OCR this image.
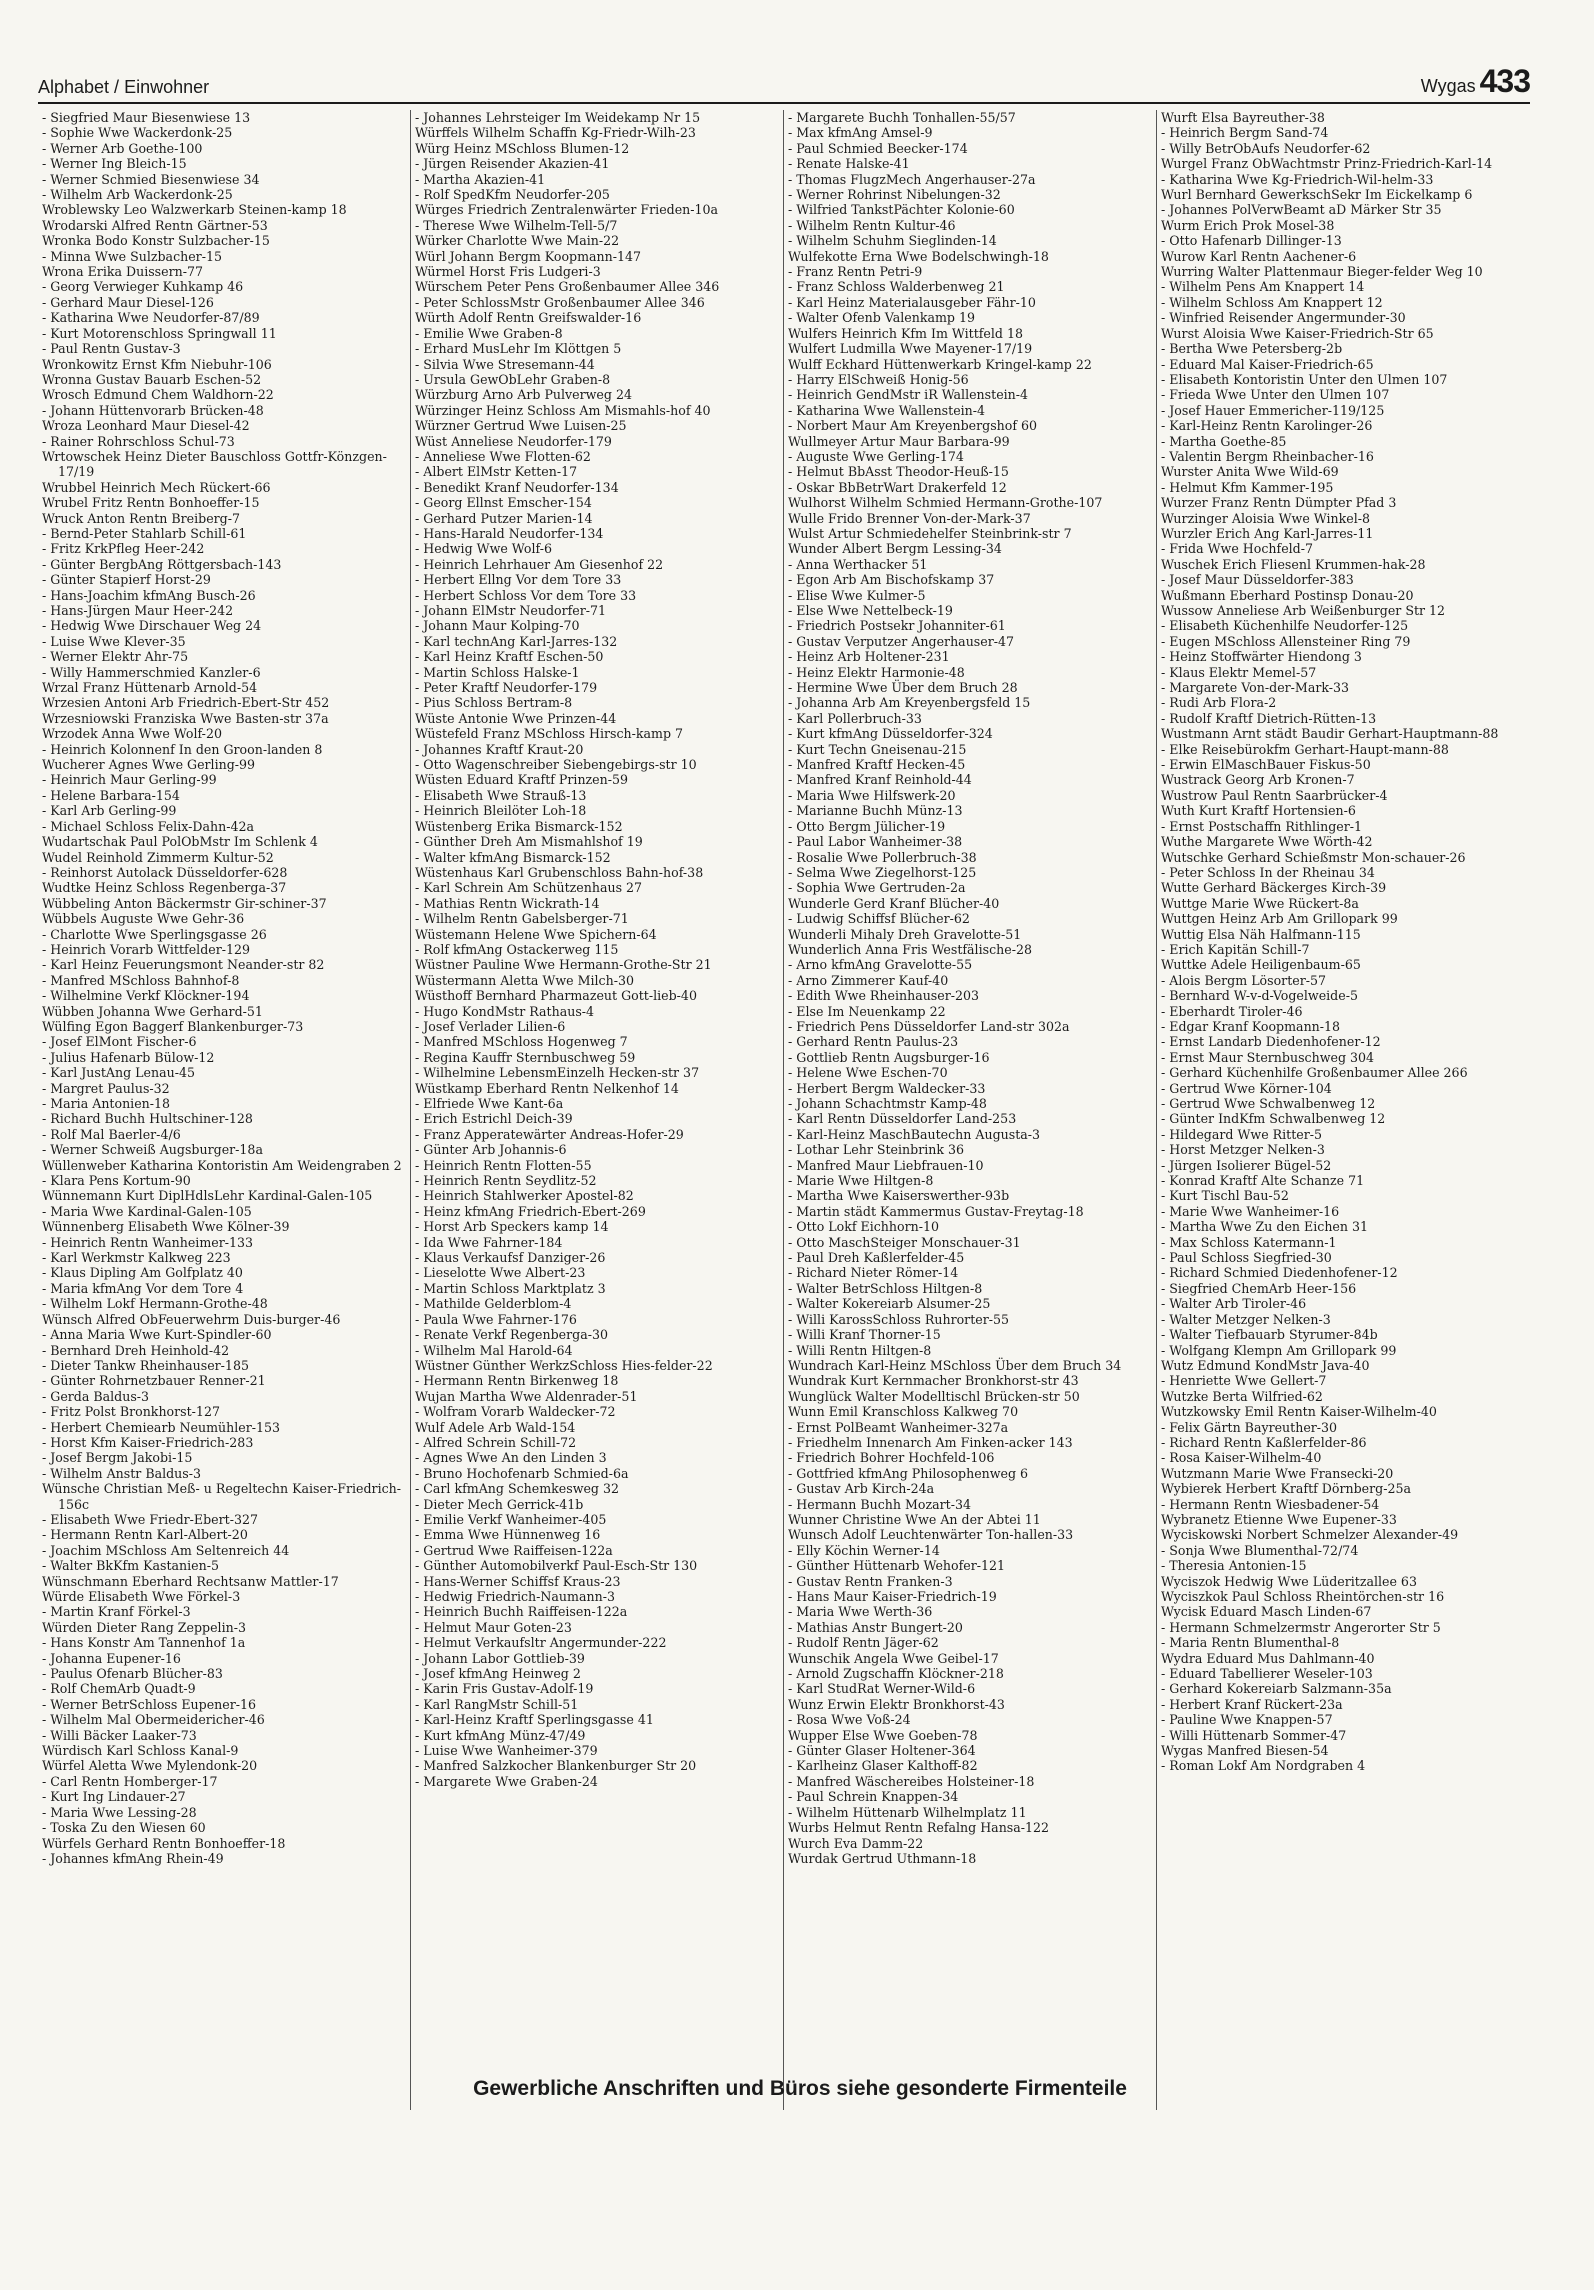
Alphabet / Einwohner	Wygas 433

- Siegfried Maur Biesenwiese 13

- Sophie Wwe Wackerdonk-25

- Werner Arb Goethe-100

- Werner Ing Bleich-15

- Werner Schmied Biesenwiese 34

- Wilhelm Arb Wackerdonk-25

Wroblewsky Leo Walzwerkarb Steinen-kamp 18

Wrodarski Alfred Rentn Gärtner-53

Wronka Bodo Konstr Sulzbacher-15

- Minna Wwe Sulzbacher-15

Wrona Erika Duissern-77

- Georg Verwieger Kuhkamp 46

- Gerhard Maur Diesel-126

- Katharina Wwe Neudorfer-87/89

- Kurt Motorenschloss Springwall 11

- Paul Rentn Gustav-3

Wronkowitz Ernst Kfm Niebuhr-106

Wronna Gustav Bauarb Eschen-52

Wrosch Edmund Chem Waldhorn-22

- Johann Hüttenvorarb Brücken-48

Wroza Leonhard Maur Diesel-42

- Rainer Rohrschloss Schul-73

Wrtowschek Heinz Dieter Bauschloss Gottfr-Könzgen-17/19

Wrubbel Heinrich Mech Rückert-66

Wrubel Fritz Rentn Bonhoeffer-15

Wruck Anton Rentn Breiberg-7

- Bernd-Peter Stahlarb Schill-61

- Fritz KrkPfleg Heer-242

- Günter BergbAng Röttgersbach-143

- Günter Stapierf Horst-29

- Hans-Joachim kfmAng Busch-26

- Hans-Jürgen Maur Heer-242

- Hedwig Wwe Dirschauer Weg 24

- Luise Wwe Klever-35

- Werner Elektr Ahr-75

- Willy Hammerschmied Kanzler-6

Wrzal Franz Hüttenarb Arnold-54

Wrzesien Antoni Arb Friedrich-Ebert-Str 452

Wrzesniowski Franziska Wwe Basten-str 37a

Wrzodek Anna Wwe Wolf-20

- Heinrich Kolonnenf In den Groon-landen 8

Wucherer Agnes Wwe Gerling-99

- Heinrich Maur Gerling-99

- Helene Barbara-154

- Karl Arb Gerling-99

- Michael Schloss Felix-Dahn-42a

Wudartschak Paul PolObMstr Im Schlenk 4

Wudel Reinhold Zimmerm Kultur-52

- Reinhorst Autolack Düsseldorfer-628

Wudtke Heinz Schloss Regenberga-37

Wübbeling Anton Bäckermstr Gir-schiner-37

Wübbels Auguste Wwe Gehr-36

- Charlotte Wwe Sperlingsgasse 26

- Heinrich Vorarb Wittfelder-129

- Karl Heinz Feuerungsmont Neander-str 82

- Manfred MSchloss Bahnhof-8

- Wilhelmine Verkf Klöckner-194

Wübben Johanna Wwe Gerhard-51

Wülfing Egon Baggerf Blankenburger-73

- Josef ElMont Fischer-6

- Julius Hafenarb Bülow-12

- Karl JustAng Lenau-45

- Margret Paulus-32

- Maria Antonien-18

- Richard Buchh Hultschiner-128

- Rolf Mal Baerler-4/6

- Werner Schweiß Augsburger-18a

Wüllenweber Katharina Kontoristin Am Weidengraben 2

- Klara Pens Kortum-90

Wünnemann Kurt DiplHdlsLehr Kardinal-Galen-105

- Maria Wwe Kardinal-Galen-105

Wünnenberg Elisabeth Wwe Kölner-39

- Heinrich Rentn Wanheimer-133

- Karl Werkmstr Kalkweg 223

- Klaus Dipling Am Golfplatz 40

- Maria kfmAng Vor dem Tore 4

- Wilhelm Lokf Hermann-Grothe-48

Wünsch Alfred ObFeuerwehrm Duis-burger-46

- Anna Maria Wwe Kurt-Spindler-60

- Bernhard Dreh Heinhold-42

- Dieter Tankw Rheinhauser-185

- Günter Rohrnetzbauer Renner-21

- Gerda Baldus-3

- Fritz Polst Bronkhorst-127

- Herbert Chemiearb Neumühler-153

- Horst Kfm Kaiser-Friedrich-283

- Josef Bergm Jakobi-15

- Wilhelm Anstr Baldus-3

Wünsche Christian Meß- u Regeltechn Kaiser-Friedrich-156c

- Elisabeth Wwe Friedr-Ebert-327

- Hermann Rentn Karl-Albert-20

- Joachim MSchloss Am Seltenreich 44

- Walter BkKfm Kastanien-5

Wünschmann Eberhard Rechtsanw Mattler-17

Würde Elisabeth Wwe Förkel-3

- Martin Kranf Förkel-3

Würden Dieter Rang Zeppelin-3

- Hans Konstr Am Tannenhof 1a

- Johanna Eupener-16

- Paulus Ofenarb Blücher-83

- Rolf ChemArb Quadt-9

- Werner BetrSchloss Eupener-16

- Wilhelm Mal Obermeidericher-46

- Willi Bäcker Laaker-73

Würdisch Karl Schloss Kanal-9

Würfel Aletta Wwe Mylendonk-20

- Carl Rentn Homberger-17

- Kurt Ing Lindauer-27

- Maria Wwe Lessing-28

- Toska Zu den Wiesen 60

Würfels Gerhard Rentn Bonhoeffer-18

- Johannes kfmAng Rhein-49

- Johannes Lehrsteiger Im Weidekamp Nr 15

Würffels Wilhelm Schaffn Kg-Friedr-Wilh-23

Würg Heinz MSchloss Blumen-12

- Jürgen Reisender Akazien-41

- Martha Akazien-41

- Rolf SpedKfm Neudorfer-205

Würges Friedrich Zentralenwärter Frieden-10a

- Therese Wwe Wilhelm-Tell-5/7

Würker Charlotte Wwe Main-22

Würl Johann Bergm Koopmann-147

Würmel Horst Fris Ludgeri-3

Würschem Peter Pens Großenbaumer Allee 346

- Peter SchlossMstr Großenbaumer Allee 346

Würth Adolf Rentn Greifswalder-16

- Emilie Wwe Graben-8

- Erhard MusLehr Im Klöttgen 5

- Silvia Wwe Stresemann-44

- Ursula GewObLehr Graben-8

Würzburg Arno Arb Pulverweg 24

Würzinger Heinz Schloss Am Mismahls-hof 40

Würzner Gertrud Wwe Luisen-25

Wüst Anneliese Neudorfer-179

- Anneliese Wwe Flotten-62

- Albert ElMstr Ketten-17

- Benedikt Kranf Neudorfer-134

- Georg Ellnst Emscher-154

- Gerhard Putzer Marien-14

- Hans-Harald Neudorfer-134

- Hedwig Wwe Wolf-6

- Heinrich Lehrhauer Am Giesenhof 22

- Herbert Ellng Vor dem Tore 33

- Herbert Schloss Vor dem Tore 33

- Johann ElMstr Neudorfer-71

- Johann Maur Kolping-70

- Karl technAng Karl-Jarres-132

- Karl Heinz Kraftf Eschen-50

- Martin Schloss Halske-1

- Peter Kraftf Neudorfer-179

- Pius Schloss Bertram-8

Wüste Antonie Wwe Prinzen-44

Wüstefeld Franz MSchloss Hirsch-kamp 7

- Johannes Kraftf Kraut-20

- Otto Wagenschreiber Siebengebirgs-str 10

Wüsten Eduard Kraftf Prinzen-59

- Elisabeth Wwe Strauß-13

- Heinrich Bleilöter Loh-18

Wüstenberg Erika Bismarck-152

- Günther Dreh Am Mismahlshof 19

- Walter kfmAng Bismarck-152

Wüstenhaus Karl Grubenschloss Bahn-hof-38

- Karl Schrein Am Schützenhaus 27

- Mathias Rentn Wickrath-14

- Wilhelm Rentn Gabelsberger-71

Wüstemann Helene Wwe Spichern-64

- Rolf kfmAng Ostackerweg 115

Wüstner Pauline Wwe Hermann-Grothe-Str 21

Wüstermann Aletta Wwe Milch-30

Wüsthoff Bernhard Pharmazeut Gott-lieb-40

- Hugo KondMstr Rathaus-4

- Josef Verlader Lilien-6

- Manfred MSchloss Hogenweg 7

- Regina Kauffr Sternbuschweg 59

- Wilhelmine LebensmEinzelh Hecken-str 37

Wüstkamp Eberhard Rentn Nelkenhof 14

- Elfriede Wwe Kant-6a

- Erich Estrichl Deich-39

- Franz Apperatewärter Andreas-Hofer-29

- Günter Arb Johannis-6

- Heinrich Rentn Flotten-55

- Heinrich Rentn Seydlitz-52

- Heinrich Stahlwerker Apostel-82

- Heinz kfmAng Friedrich-Ebert-269

- Horst Arb Speckers kamp 14

- Ida Wwe Fahrner-184

- Klaus Verkaufsf Danziger-26

- Lieselotte Wwe Albert-23

- Martin Schloss Marktplatz 3

- Mathilde Gelderblom-4

- Paula Wwe Fahrner-176

- Renate Verkf Regenberga-30

- Wilhelm Mal Harold-64

Wüstner Günther WerkzSchloss Hies-felder-22

- Hermann Rentn Birkenweg 18

Wujan Martha Wwe Aldenrader-51

- Wolfram Vorarb Waldecker-72

Wulf Adele Arb Wald-154

- Alfred Schrein Schill-72

- Agnes Wwe An den Linden 3

- Bruno Hochofenarb Schmied-6a

- Carl kfmAng Schemkesweg 32

- Dieter Mech Gerrick-41b

- Emilie Verkf Wanheimer-405

- Emma Wwe Hünnenweg 16

- Gertrud Wwe Raiffeisen-122a

- Günther Automobilverkf Paul-Esch-Str 130

- Hans-Werner Schiffsf Kraus-23

- Hedwig Friedrich-Naumann-3

- Heinrich Buchh Raiffeisen-122a

- Helmut Maur Goten-23

- Helmut Verkaufsltr Angermunder-222

- Johann Labor Gottlieb-39

- Josef kfmAng Heinweg 2

- Karin Fris Gustav-Adolf-19

- Karl RangMstr Schill-51

- Karl-Heinz Kraftf Sperlingsgasse 41

- Kurt kfmAng Münz-47/49

- Luise Wwe Wanheimer-379

- Manfred Salzkocher Blankenburger Str 20

- Margarete Wwe Graben-24

- Margarete Buchh Tonhallen-55/57

- Max kfmAng Amsel-9

- Paul Schmied Beecker-174

- Renate Halske-41

- Thomas FlugzMech Angerhauser-27a

- Werner Rohrinst Nibelungen-32

- Wilfried TankstPächter Kolonie-60

- Wilhelm Rentn Kultur-46

- Wilhelm Schuhm Sieglinden-14

Wulfekotte Erna Wwe Bodelschwingh-18

- Franz Rentn Petri-9

- Franz Schloss Walderbenweg 21

- Karl Heinz Materialausgeber Fähr-10

- Walter Ofenb Valenkamp 19

Wulfers Heinrich Kfm Im Wittfeld 18

Wulfert Ludmilla Wwe Mayener-17/19

Wulff Eckhard Hüttenwerkarb Kringel-kamp 22

- Harry ElSchweiß Honig-56

- Heinrich GendMstr iR Wallenstein-4

- Katharina Wwe Wallenstein-4

- Norbert Maur Am Kreyenbergshof 60

Wullmeyer Artur Maur Barbara-99

- Auguste Wwe Gerling-174

- Helmut BbAsst Theodor-Heuß-15

- Oskar BbBetrWart Drakerfeld 12

Wulhorst Wilhelm Schmied Hermann-Grothe-107

Wulle Frido Brenner Von-der-Mark-37

Wulst Artur Schmiedehelfer Steinbrink-str 7

Wunder Albert Bergm Lessing-34

- Anna Werthacker 51

- Egon Arb Am Bischofskamp 37

- Elise Wwe Kulmer-5

- Else Wwe Nettelbeck-19

- Friedrich Postsekr Johanniter-61

- Gustav Verputzer Angerhauser-47

- Heinz Arb Holtener-231

- Heinz Elektr Harmonie-48

- Hermine Wwe Über dem Bruch 28

- Johanna Arb Am Kreyenbergsfeld 15

- Karl Pollerbruch-33

- Kurt kfmAng Düsseldorfer-324

- Kurt Techn Gneisenau-215

- Manfred Kraftf Hecken-45

- Manfred Kranf Reinhold-44

- Maria Wwe Hilfswerk-20

- Marianne Buchh Münz-13

- Otto Bergm Jülicher-19

- Paul Labor Wanheimer-38

- Rosalie Wwe Pollerbruch-38

- Selma Wwe Ziegelhorst-125

- Sophia Wwe Gertruden-2a

Wunderle Gerd Kranf Blücher-40

- Ludwig Schiffsf Blücher-62

Wunderli Mihaly Dreh Gravelotte-51

Wunderlich Anna Fris Westfälische-28

- Arno kfmAng Gravelotte-55

- Arno Zimmerer Kauf-40

- Edith Wwe Rheinhauser-203

- Else Im Neuenkamp 22

- Friedrich Pens Düsseldorfer Land-str 302a

- Gerhard Rentn Paulus-23

- Gottlieb Rentn Augsburger-16

- Helene Wwe Eschen-70

- Herbert Bergm Waldecker-33

- Johann Schachtmstr Kamp-48

- Karl Rentn Düsseldorfer Land-253

- Karl-Heinz MaschBautechn Augusta-3

- Lothar Lehr Steinbrink 36

- Manfred Maur Liebfrauen-10

- Marie Wwe Hiltgen-8

- Martha Wwe Kaiserswerther-93b

- Martin städt Kammermus Gustav-Freytag-18

- Otto Lokf Eichhorn-10

- Otto MaschSteiger Monschauer-31

- Paul Dreh Kaßlerfelder-45

- Richard Nieter Römer-14

- Walter BetrSchloss Hiltgen-8

- Walter Kokereiarb Alsumer-25

- Willi KarossSchloss Ruhrorter-55

- Willi Kranf Thorner-15

- Willi Rentn Hiltgen-8

Wundrach Karl-Heinz MSchloss Über dem Bruch 34

Wundrak Kurt Kernmacher Bronkhorst-str 43

Wunglück Walter Modelltischl Brücken-str 50

Wunn Emil Kranschloss Kalkweg 70

- Ernst PolBeamt Wanheimer-327a

- Friedhelm Innenarch Am Finken-acker 143

- Friedrich Bohrer Hochfeld-106

- Gottfried kfmAng Philosophenweg 6

- Gustav Arb Kirch-24a

- Hermann Buchh Mozart-34

Wunner Christine Wwe An der Abtei 11

Wunsch Adolf Leuchtenwärter Ton-hallen-33

- Elly Köchin Werner-14

- Günther Hüttenarb Wehofer-121

- Gustav Rentn Franken-3

- Hans Maur Kaiser-Friedrich-19

- Maria Wwe Werth-36

- Mathias Anstr Bungert-20

- Rudolf Rentn Jäger-62

Wunschik Angela Wwe Geibel-17

- Arnold Zugschaffn Klöckner-218

- Karl StudRat Werner-Wild-6

Wunz Erwin Elektr Bronkhorst-43

- Rosa Wwe Voß-24

Wupper Else Wwe Goeben-78

- Günter Glaser Holtener-364

- Karlheinz Glaser Kalthoff-82

- Manfred Wäschereibes Holsteiner-18

- Paul Schrein Knappen-34

- Wilhelm Hüttenarb Wilhelmplatz 11

Wurbs Helmut Rentn Refalng Hansa-122

Wurch Eva Damm-22

Wurdak Gertrud Uthmann-18

Wurft Elsa Bayreuther-38

- Heinrich Bergm Sand-74

- Willy BetrObAufs Neudorfer-62

Wurgel Franz ObWachtmstr Prinz-Friedrich-Karl-14

- Katharina Wwe Kg-Friedrich-Wil-helm-33

Wurl Bernhard GewerkschSekr Im Eickelkamp 6

- Johannes PolVerwBeamt aD Märker Str 35

Wurm Erich Prok Mosel-38

- Otto Hafenarb Dillinger-13

Wurow Karl Rentn Aachener-6

Wurring Walter Plattenmaur Bieger-felder Weg 10

- Wilhelm Pens Am Knappert 14

- Wilhelm Schloss Am Knappert 12

- Winfried Reisender Angermunder-30

Wurst Aloisia Wwe Kaiser-Friedrich-Str 65

- Bertha Wwe Petersberg-2b

- Eduard Mal Kaiser-Friedrich-65

- Elisabeth Kontoristin Unter den Ulmen 107

- Frieda Wwe Unter den Ulmen 107

- Josef Hauer Emmericher-119/125

- Karl-Heinz Rentn Karolinger-26

- Martha Goethe-85

- Valentin Bergm Rheinbacher-16

Wurster Anita Wwe Wild-69

- Helmut Kfm Kammer-195

Wurzer Franz Rentn Dümpter Pfad 3

Wurzinger Aloisia Wwe Winkel-8

Wurzler Erich Ang Karl-Jarres-11

- Frida Wwe Hochfeld-7

Wuschek Erich Fliesenl Krummen-hak-28

- Josef Maur Düsseldorfer-383

Wußmann Eberhard Postinsp Donau-20

Wussow Anneliese Arb Weißenburger Str 12

- Elisabeth Küchenhilfe Neudorfer-125

- Eugen MSchloss Allensteiner Ring 79

- Heinz Stoffwärter Hiendong 3

- Klaus Elektr Memel-57

- Margarete Von-der-Mark-33

- Rudi Arb Flora-2

- Rudolf Kraftf Dietrich-Rütten-13

Wustmann Arnt städt Baudir Gerhart-Hauptmann-88

- Elke Reisebürokfm Gerhart-Haupt-mann-88

- Erwin ElMaschBauer Fiskus-50

Wustrack Georg Arb Kronen-7

Wustrow Paul Rentn Saarbrücker-4

Wuth Kurt Kraftf Hortensien-6

- Ernst Postschaffn Rithlinger-1

Wuthe Margarete Wwe Wörth-42

Wutschke Gerhard Schießmstr Mon-schauer-26

- Peter Schloss In der Rheinau 34

Wutte Gerhard Bäckerges Kirch-39

Wuttge Marie Wwe Rückert-8a

Wuttgen Heinz Arb Am Grillopark 99

Wuttig Elsa Näh Halfmann-115

- Erich Kapitän Schill-7

Wuttke Adele Heiligenbaum-65

- Alois Bergm Lösorter-57

- Bernhard W-v-d-Vogelweide-5

- Eberhardt Tiroler-46

- Edgar Kranf Koopmann-18

- Ernst Landarb Diedenhofener-12

- Ernst Maur Sternbuschweg 304

- Gerhard Küchenhilfe Großenbaumer Allee 266

- Gertrud Wwe Körner-104

- Gertrud Wwe Schwalbenweg 12

- Günter IndKfm Schwalbenweg 12

- Hildegard Wwe Ritter-5

- Horst Metzger Nelken-3

- Jürgen Isolierer Bügel-52

- Konrad Kraftf Alte Schanze 71

- Kurt Tischl Bau-52

- Marie Wwe Wanheimer-16

- Martha Wwe Zu den Eichen 31

- Max Schloss Katermann-1

- Paul Schloss Siegfried-30

- Richard Schmied Diedenhofener-12

- Siegfried ChemArb Heer-156

- Walter Arb Tiroler-46

- Walter Metzger Nelken-3

- Walter Tiefbauarb Styrumer-84b

- Wolfgang Klempn Am Grillopark 99

Wutz Edmund KondMstr Java-40

- Henriette Wwe Gellert-7

Wutzke Berta Wilfried-62

Wutzkowsky Emil Rentn Kaiser-Wilhelm-40

- Felix Gärtn Bayreuther-30

- Richard Rentn Kaßlerfelder-86

- Rosa Kaiser-Wilhelm-40

Wutzmann Marie Wwe Fransecki-20

Wybierek Herbert Kraftf Dörnberg-25a

- Hermann Rentn Wiesbadener-54

Wybranetz Etienne Wwe Eupener-33

Wyciskowski Norbert Schmelzer Alexander-49

- Sonja Wwe Blumenthal-72/74

- Theresia Antonien-15

Wyciszok Hedwig Wwe Lüderitzallee 63

Wyciszkok Paul Schloss Rheintörchen-str 16

Wycisk Eduard Masch Linden-67

- Hermann Schmelzermstr Angerorter Str 5

- Maria Rentn Blumenthal-8

Wydra Eduard Mus Dahlmann-40

- Eduard Tabellierer Weseler-103

- Gerhard Kokereiarb Salzmann-35a

- Herbert Kranf Rückert-23a

- Pauline Wwe Knappen-57

- Willi Hüttenarb Sommer-47

Wygas Manfred Biesen-54

- Roman Lokf Am Nordgraben 4

Gewerbliche Anschriften und Büros siehe gesonderte Firmenteile
